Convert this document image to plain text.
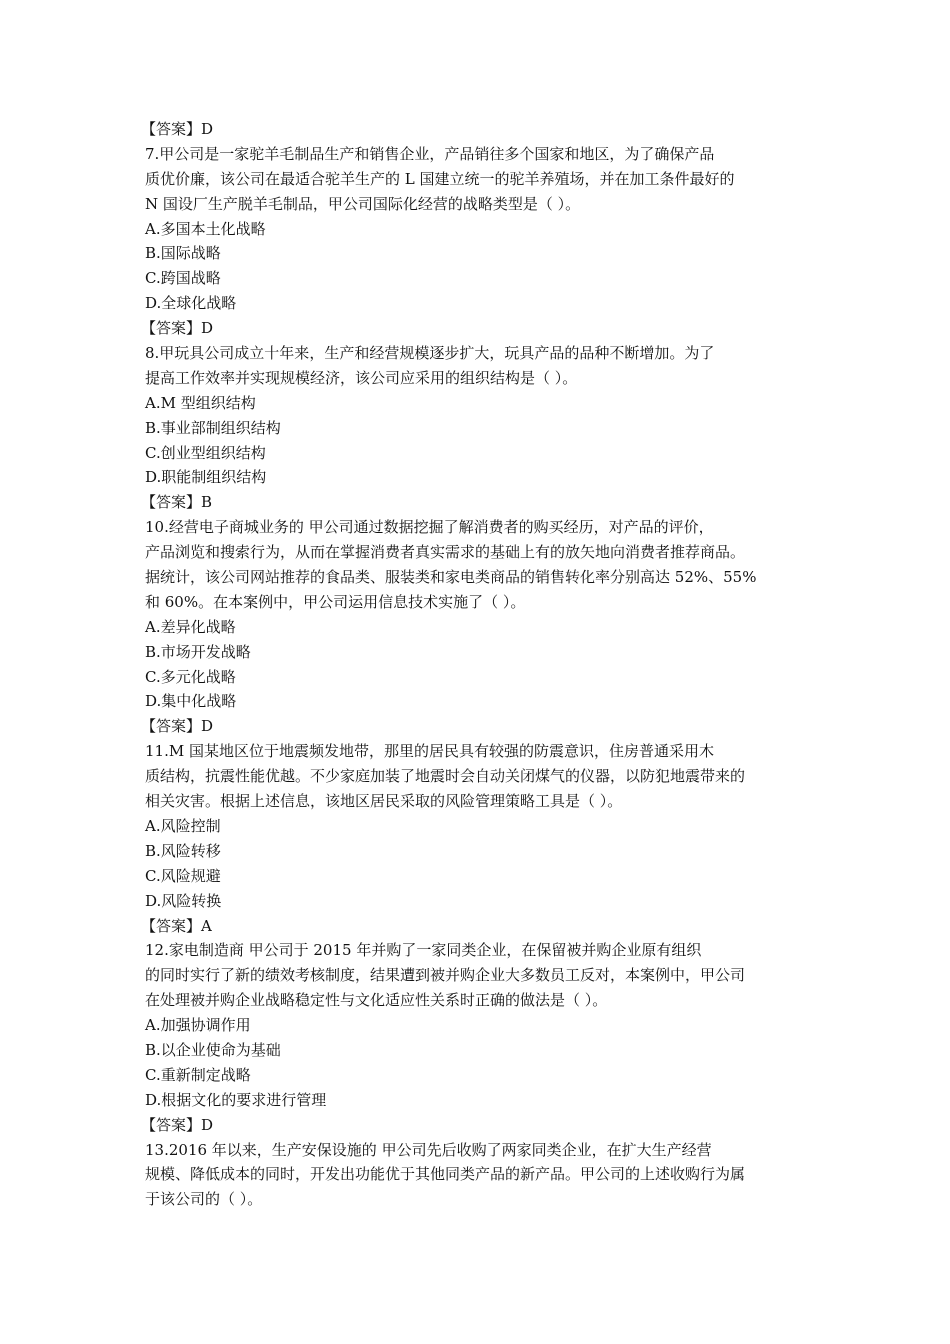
【答案】D
7.甲公司是一家驼羊毛制品生产和销售企业，产品销往多个国家和地区，为了确保产品
质优价廉，该公司在最适合驼羊生产的 L 国建立统一的驼羊养殖场，并在加工条件最好的
N 国设厂生产脱羊毛制品，甲公司国际化经营的战略类型是（ ）。
A.多国本土化战略
B.国际战略
C.跨国战略
D.全球化战略
【答案】D
8.甲玩具公司成立十年来，生产和经营规模逐步扩大，玩具产品的品种不断增加。为了
提高工作效率并实现规模经济，该公司应采用的组织结构是（ ）。
A.M 型组织结构
B.事业部制组织结构
C.创业型组织结构
D.职能制组织结构
【答案】B
10.经营电子商城业务的 甲公司通过数据挖掘了解消费者的购买经历，对产品的评价，
产品浏览和搜索行为，从而在掌握消费者真实需求的基础上有的放矢地向消费者推荐商品。
据统计，该公司网站推荐的食品类、服装类和家电类商品的销售转化率分别高达 52%、55%
和 60%。在本案例中，甲公司运用信息技术实施了（ ）。
A.差异化战略
B.市场开发战略
C.多元化战略
D.集中化战略
【答案】D
11.M 国某地区位于地震频发地带，那里的居民具有较强的防震意识，住房普通采用木
质结构，抗震性能优越。不少家庭加装了地震时会自动关闭煤气的仪器，以防犯地震带来的
相关灾害。根据上述信息，该地区居民采取的风险管理策略工具是（ ）。
A.风险控制
B.风险转移
C.风险规避
D.风险转换
【答案】A
12.家电制造商 甲公司于 2015 年并购了一家同类企业，在保留被并购企业原有组织
的同时实行了新的绩效考核制度，结果遭到被并购企业大多数员工反对，本案例中，甲公司
在处理被并购企业战略稳定性与文化适应性关系时正确的做法是（ ）。
A.加强协调作用
B.以企业使命为基础
C.重新制定战略
D.根据文化的要求进行管理
【答案】D
13.2016 年以来，生产安保设施的 甲公司先后收购了两家同类企业，在扩大生产经营
规模、降低成本的同时，开发出功能优于其他同类产品的新产品。甲公司的上述收购行为属
于该公司的（ ）。
